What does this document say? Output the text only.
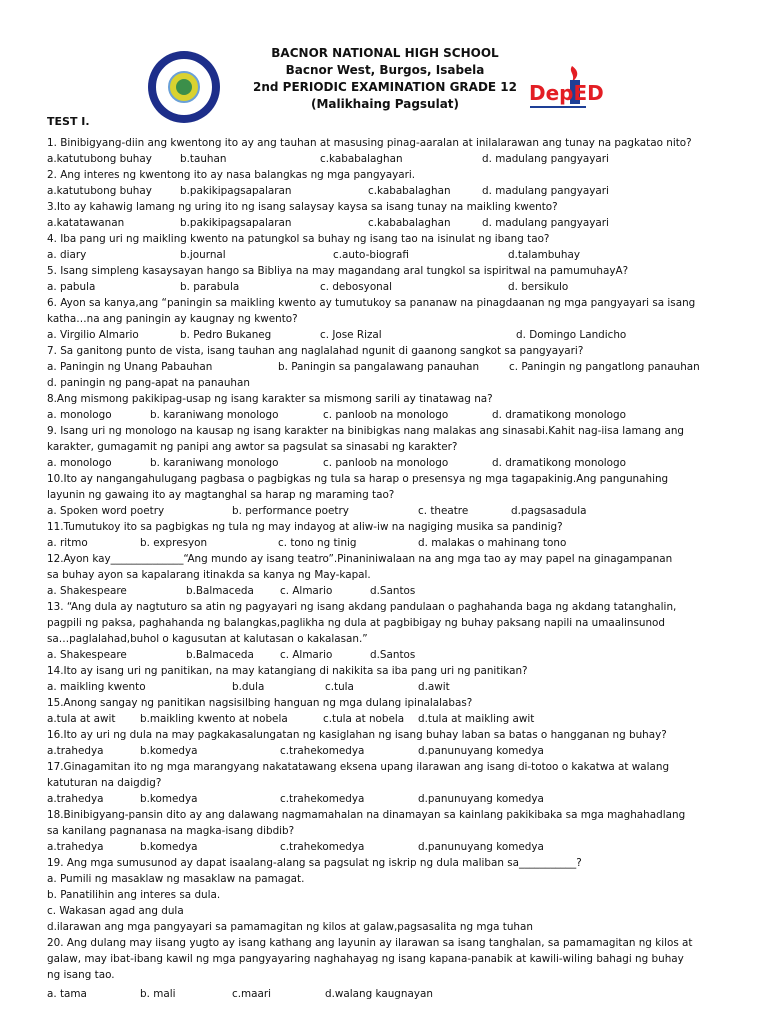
BACNOR NATIONAL HIGH SCHOOL
Bacnor West, Burgos, Isabela
2nd PERIODIC EXAMINATION GRADE 12
(Malikhaing Pagsulat)	DepED
TEST I.
1. Binibigyang-diin ang kwentong ito ay ang tauhan at masusing pinag-aaralan at inilalarawan ang tunay na pagkatao nito?
a.katutubong buhay	b.tauhan	c.kababalaghan	d. madulang pangyayari
2. Ang interes ng kwentong ito ay nasa balangkas ng mga pangyayari.
a.katutubong buhay	b.pakikipagsapalaran	c.kababalaghan	d. madulang pangyayari
3.Ito ay kahawig lamang ng uring ito ng isang salaysay kaysa sa isang tunay na maikling kwento?
a.katatawanan	b.pakikipagsapalaran	c.kababalaghan	d. madulang pangyayari
4. Iba pang uri ng maikling kwento na patungkol sa buhay ng isang tao na isinulat ng ibang tao?
a. diary	b.journal	c.auto-biografi	d.talambuhay
5. Isang simpleng kasaysayan hango sa Bibliya na may magandang aral tungkol sa ispiritwal na pamumuhayA?
a. pabula	b. parabula	c. debosyonal	d. bersikulo
6. Ayon sa kanya,ang “paningin sa maikling kwento ay tumutukoy sa pananaw na pinagdaanan ng mga pangyayari sa isang
katha…na ang paningin ay kaugnay ng kwento?
a. Virgilio Almario	b. Pedro Bukaneg	c. Jose Rizal	d. Domingo Landicho
7. Sa ganitong punto de vista, isang tauhan ang naglalahad ngunit di gaanong sangkot sa pangyayari?
a. Paningin ng Unang Pabauhan	b. Paningin sa pangalawang panauhan	c. Paningin ng pangatlong panauhan
d. paningin ng pang-apat na panauhan
8.Ang mismong pakikipag-usap ng isang karakter sa mismong sarili ay tinatawag na?
a. monologo	b. karaniwang monologo	c. panloob na monologo	d. dramatikong monologo
9. Isang uri ng monologo na kausap ng isang karakter na binibigkas nang malakas ang sinasabi.Kahit nag-iisa lamang ang
karakter, gumagamit ng panipi ang awtor sa pagsulat sa sinasabi ng karakter?
a. monologo	b. karaniwang monologo	c. panloob na monologo	d. dramatikong monologo
10.Ito ay nangangahulugang pagbasa o pagbigkas ng tula sa harap o presensya ng mga tagapakinig.Ang pangunahing
layunin ng gawaing ito ay magtanghal sa harap ng maraming tao?
a. Spoken word poetry	b. performance poetry	c. theatre	d.pagsasadula
11.Tumutukoy ito sa pagbigkas ng tula ng may indayog at aliw-iw na nagiging musika sa pandinig?
a. ritmo	b. expresyon	c. tono ng tinig	d. malakas o mahinang tono
12.Ayon kay______________“Ang mundo ay isang teatro”.Pinaniniwalaan na ang mga tao ay may papel na ginagampanan
sa buhay ayon sa kapalarang itinakda sa kanya ng May-kapal.
a. Shakespeare	b.Balmaceda	c. Almario	d.Santos
13. “Ang dula ay nagtuturo sa atin ng pagyayari ng isang akdang pandulaan o paghahanda baga ng akdang tatanghalin,
pagpili ng paksa, paghahanda ng balangkas,paglikha ng dula at pagbibigay ng buhay paksang napili na umaalinsunod
sa…paglalahad,buhol o kagusutan at kalutasan o kakalasan.”
a. Shakespeare	b.Balmaceda	c. Almario	d.Santos
14.Ito ay isang uri ng panitikan, na may katangiang di nakikita sa iba pang uri ng panitikan?
a. maikling kwento	b.dula	c.tula	d.awit
15.Anong sangay ng panitikan nagsisilbing hanguan ng mga dulang ipinalalabas?
a.tula at awit b.maikling kwento at nobela	c.tula at nobela d.tula at maikling awit
16.Ito ay uri ng dula na may pagkakasalungatan ng kasiglahan ng isang buhay laban sa batas o hangganan ng buhay?
a.trahedya	b.komedya	c.trahekomedya	d.panunuyang komedya
17.Ginagamitan ito ng mga marangyang nakatatawang eksena upang ilarawan ang isang di-totoo o kakatwa at walang
katuturan na daigdig?
a.trahedya	b.komedya	c.trahekomedya	d.panunuyang komedya
18.Binibigyang-pansin dito ay ang dalawang nagmamahalan na dinamayan sa kainlang pakikibaka sa mga maghahadlang
sa kanilang pagnanasa na magka-isang dibdib?
a.trahedya	b.komedya	c.trahekomedya	d.panunuyang komedya
19. Ang mga sumusunod ay dapat isaalang-alang sa pagsulat ng iskrip ng dula maliban sa___________?
a. Pumili ng masaklaw ng masaklaw na pamagat.
b. Panatilihin ang interes sa dula.
c. Wakasan agad ang dula
d.ilarawan ang mga pangyayari sa pamamagitan ng kilos at galaw,pagsasalita ng mga tuhan
20. Ang dulang may iisang yugto ay isang kathang ang layunin ay ilarawan sa isang tanghalan, sa pamamagitan ng kilos at
galaw, may ibat-ibang kawil ng mga pangyayaring naghahayag ng isang kapana-panabik at kawili-wiling bahagi ng buhay
ng isang tao.
a. tama	b. mali	c.maari	d.walang kaugnayan
